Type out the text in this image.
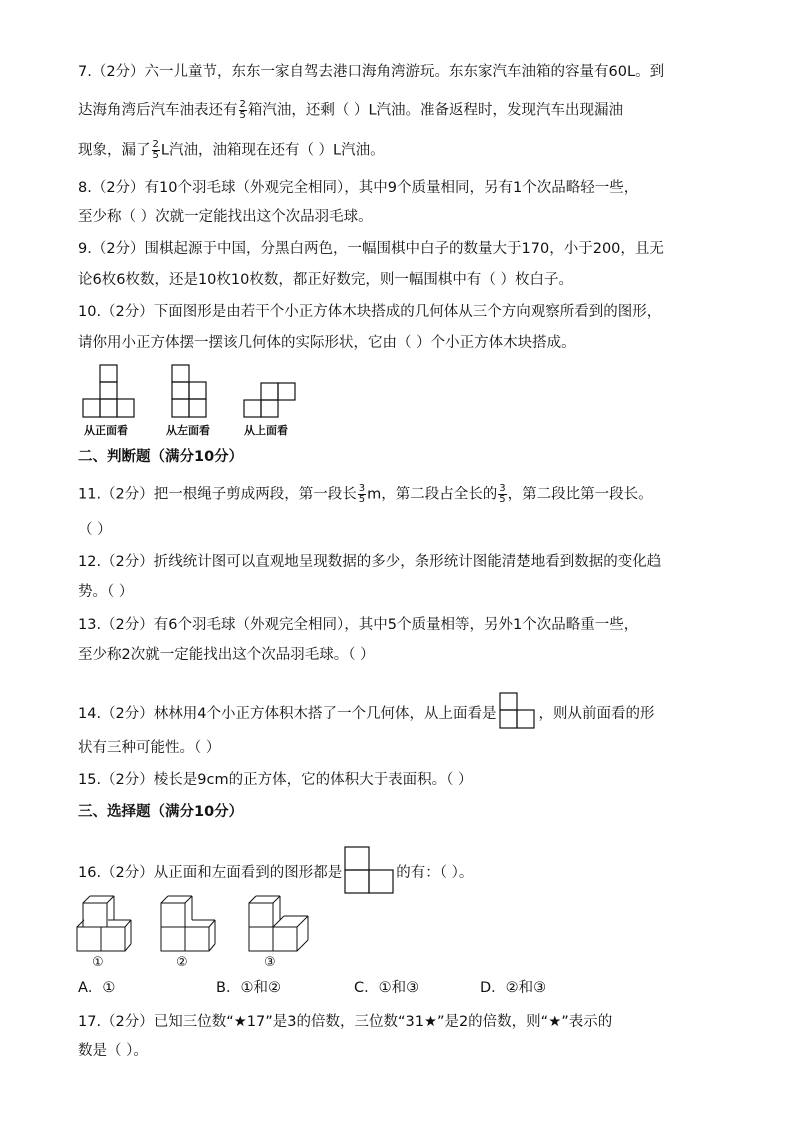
7.（2分）六一儿童节，东东一家自驾去港口海角湾游玩。东东家汽车油箱的容量有60L。到
达海角湾后汽车油表还有 $\frac{2}{5}$ 箱汽油，还剩（ ）L汽油。准备返程时，发现汽车出现漏油
现象，漏了 $\frac{2}{5}$ L汽油，油箱现在还有（ ）L汽油。
8.（2分）有10个羽毛球（外观完全相同），其中9个质量相同，另有1个次品略轻一些，
至少称（ ）次就一定能找出这个次品羽毛球。
9.（2分）围棋起源于中国，分黑白两色，一幅围棋中白子的数量大于170，小于200，且无
论6枚6枚数，还是10枚10枚数，都正好数完，则一幅围棋中有（ ）枚白子。
10.（2分）下面图形是由若干个小正方体木块搭成的几何体从三个方向观察所看到的图形，
请你用小正方体摆一摆该几何体的实际形状，它由（ ）个小正方体木块搭成。
从正面看	从左面看	从上面看
二、判断题（满分10分）
11.（2分）把一根绳子剪成两段，第一段长 $\frac{3}{5}$ m，第二段占全长的 $\frac{3}{5}$ ，第二段比第一段长。
（ ）
12.（2分）折线统计图可以直观地呈现数据的多少，条形统计图能清楚地看到数据的变化趋
势。（ ）
13.（2分）有6个羽毛球（外观完全相同），其中5个质量相等，另外1个次品略重一些，
至少称2次就一定能找出这个次品羽毛球。（ ）
14.（2分）林林用4个小正方体积木搭了一个几何体，从上面看是	，则从前面看的形
状有三种可能性。（ ）
15.（2分）棱长是9cm的正方体，它的体积大于表面积。（ ）
三、选择题（满分10分）
16.（2分）从正面和左面看到的图形都是	的有：（ ）。
①	②	③
A．①	B．①和②	C．①和③	D．②和③
17.（2分）已知三位数“★17”是3的倍数，三位数“31★”是2的倍数，则“★”表示的
数是（ ）。
